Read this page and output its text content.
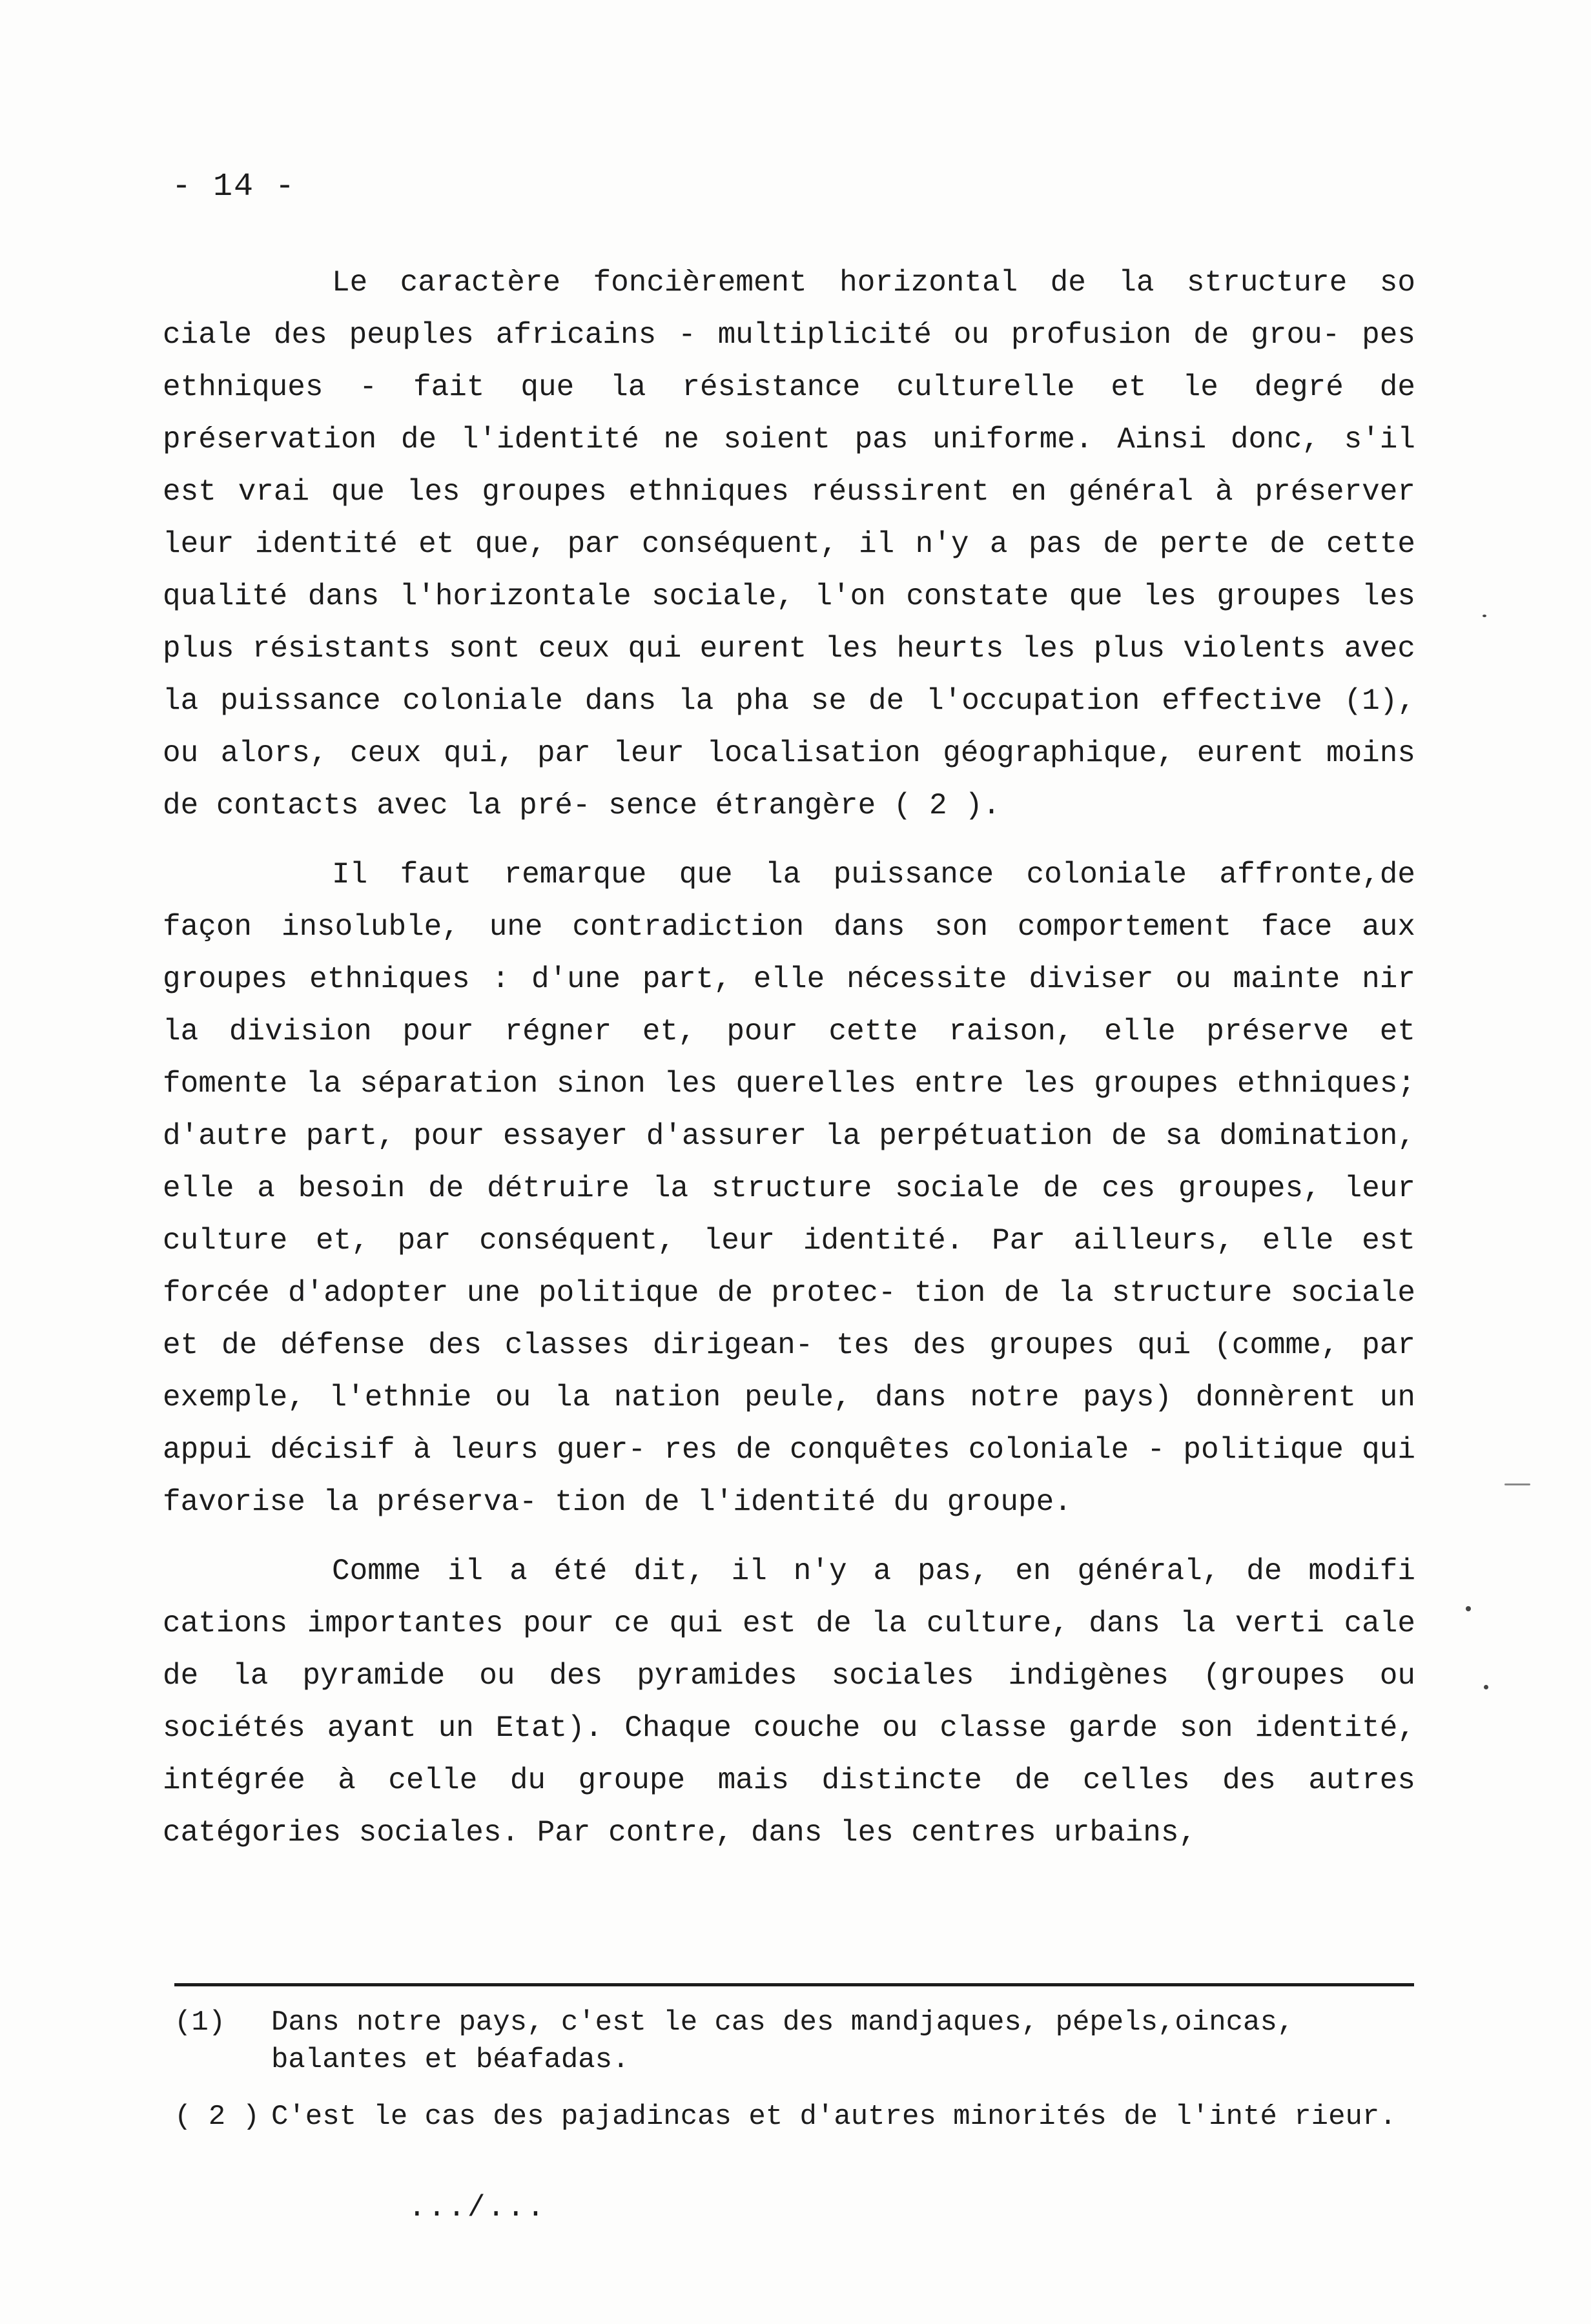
- 14 -

Le caractère foncièrement horizontal de la structure so ciale des peuples africains - multiplicité ou profusion de grou- pes ethniques - fait que la résistance culturelle et le degré de préservation de l'identité ne soient pas uniforme. Ainsi donc, s'il est vrai que les groupes ethniques réussirent en général à préserver leur identité et que, par conséquent, il n'y a pas de perte de cette qualité dans l'horizontale sociale, l'on constate que les groupes les plus résistants sont ceux qui eurent les heurts les plus violents avec la puissance coloniale dans la pha se de l'occupation effective (1), ou alors, ceux qui, par leur localisation géographique, eurent moins de contacts avec la pré- sence étrangère ( 2 ).

Il faut remarque que la puissance coloniale affronte,de façon insoluble, une contradiction dans son comportement face aux groupes ethniques : d'une part, elle nécessite diviser ou mainte nir la division pour régner et, pour cette raison, elle préserve et fomente la séparation sinon les querelles entre les groupes ethniques; d'autre part, pour essayer d'assurer la perpétuation de sa domination, elle a besoin de détruire la structure sociale de ces groupes, leur culture et, par conséquent, leur identité. Par ailleurs, elle est forcée d'adopter une politique de protec- tion de la structure sociale et de défense des classes dirigean- tes des groupes qui (comme, par exemple, l'ethnie ou la nation peule, dans notre pays) donnèrent un appui décisif à leurs guer- res de conquêtes coloniale - politique qui favorise la préserva- tion de l'identité du groupe.

Comme il a été dit, il n'y a pas, en général, de modifi cations importantes pour ce qui est de la culture, dans la verti cale de la pyramide ou des pyramides sociales indigènes (groupes ou sociétés ayant un Etat). Chaque couche ou classe garde son identité, intégrée à celle du groupe mais distincte de celles des autres catégories sociales. Par contre, dans les centres urbains,

(1)	Dans notre pays, c'est le cas des mandjaques, pépels,oincas, balantes et béafadas.
( 2 ) C'est le cas des pajadincas et d'autres minorités de l'inté rieur.
.../...
